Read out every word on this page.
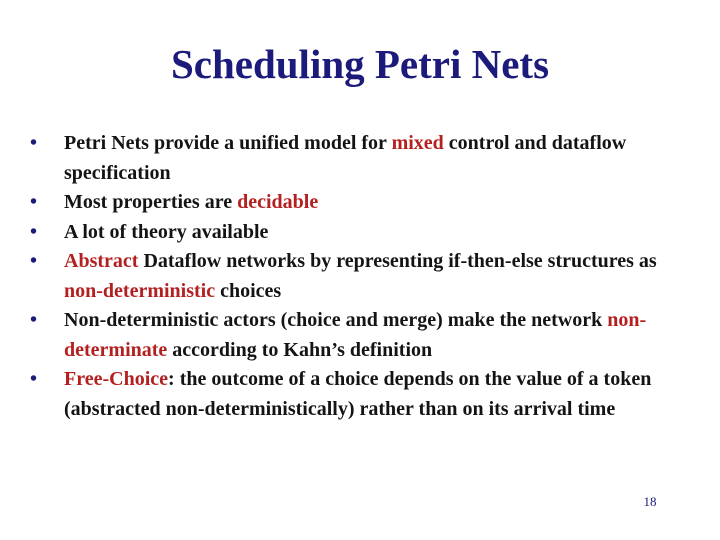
Scheduling Petri Nets
• Petri Nets provide a unified model for mixed control and dataflow specification
• Most properties are decidable
• A lot of theory available
• Abstract Dataflow networks by representing if-then-else structures as non-deterministic choices
• Non-deterministic actors (choice and merge) make the network non-determinate according to Kahn’s definition
• Free-Choice: the outcome of a choice depends on the value of a token (abstracted non-deterministically) rather than on its arrival time
18
